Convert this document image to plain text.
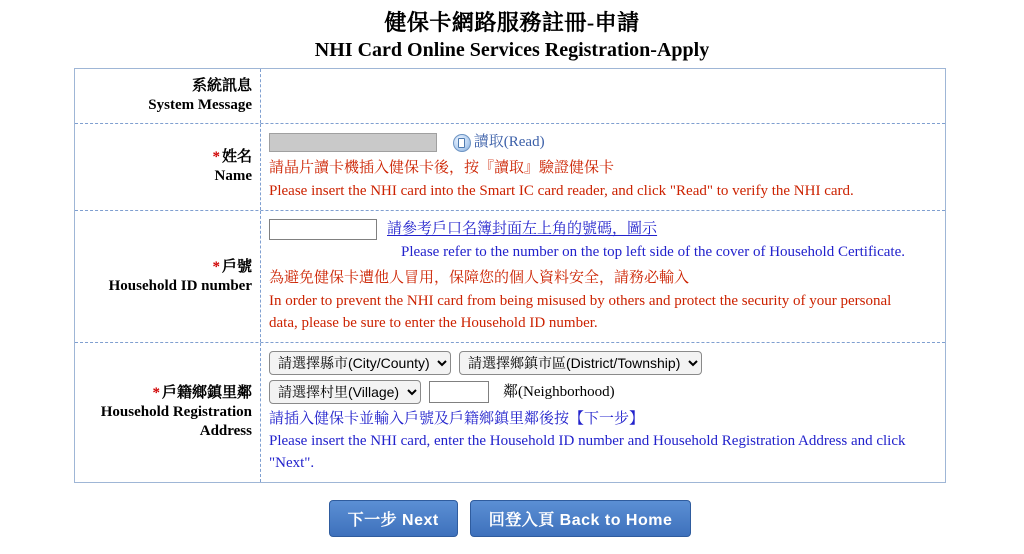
健保卡網路服務註冊-申請
NHI Card Online Services Registration-Apply
系統訊息
System Message
* 姓名
Name

讀取(Read)
請晶片讀卡機插入健保卡後，按『讀取』驗證健保卡
Please insert the NHI card into the Smart IC card reader, and click "Read" to verify the NHI card.
* 戶號
Household ID number
請參考戶口名簿封面左上角的號碼，圖示
Please refer to the number on the top left side of the cover of Household Certificate.
為避免健保卡遭他人冒用，保障您的個人資料安全，請務必輸入
In order to prevent the NHI card from being misused by others and protect the security of your personal
data, please be sure to enter the Household ID number.
* 戶籍鄉鎮里鄰
Household Registration
Address
請選擇縣市(City/County)
請選擇鄉鎮市區(District/Township)
請選擇村里(Village)
鄰(Neighborhood)
請插入健保卡並輸入戶號及戶籍鄉鎮里鄰後按【下一步】
Please insert the NHI card, enter the Household ID number and Household Registration Address and click
"Next".
下一步 Next	回登入頁 Back to Home
